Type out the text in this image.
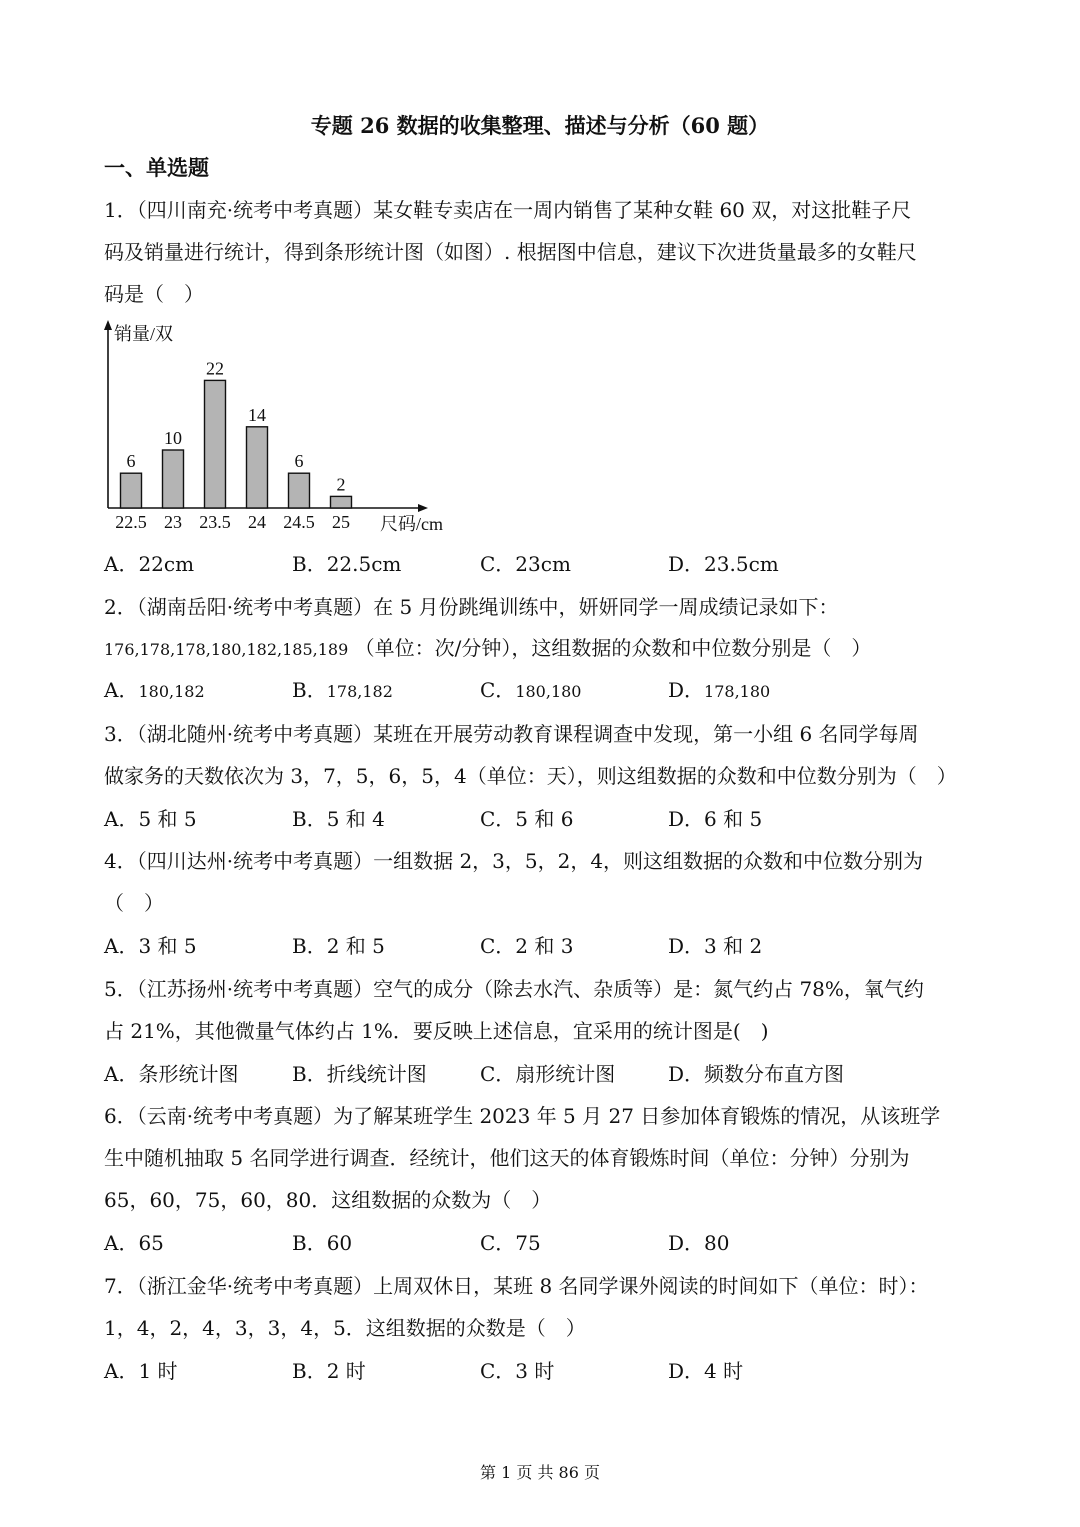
专题 26 数据的收集整理、描述与分析（60 题）
一、单选题
1．（四川南充·统考中考真题）某女鞋专卖店在一周内销售了某种女鞋 60 双，对这批鞋子尺
码及销量进行统计，得到条形统计图（如图）. 根据图中信息，建议下次进货量最多的女鞋尺
码是（　）
销量/双
尺码/cm
6
22.5
10
23
22
23.5
14
24
6
24.5
2
25
A．22cm	B．22.5cm	C．23cm	D．23.5cm
2．（湖南岳阳·统考中考真题）在 5 月份跳绳训练中，妍妍同学一周成绩记录如下：
176,178,178,180,182,185,189 （单位：次/分钟），这组数据的众数和中位数分别是（　）
A．180,182	B．178,182	C．180,180	D．178,180
3．（湖北随州·统考中考真题）某班在开展劳动教育课程调查中发现，第一小组 6 名同学每周
做家务的天数依次为 3，7，5，6，5，4（单位：天），则这组数据的众数和中位数分别为（　）
A．5 和 5	B．5 和 4	C．5 和 6	D．6 和 5
4．（四川达州·统考中考真题）一组数据 2，3，5，2，4，则这组数据的众数和中位数分别为
（　）
A．3 和 5	B．2 和 5	C．2 和 3	D．3 和 2
5．（江苏扬州·统考中考真题）空气的成分（除去水汽、杂质等）是：氮气约占 78%，氧气约
占 21%，其他微量气体约占 1%．要反映上述信息，宜采用的统计图是(　)
A．条形统计图	B．折线统计图	C．扇形统计图	D．频数分布直方图
6．（云南·统考中考真题）为了解某班学生 2023 年 5 月 27 日参加体育锻炼的情况，从该班学
生中随机抽取 5 名同学进行调查．经统计，他们这天的体育锻炼时间（单位：分钟）分别为
65，60，75，60，80．这组数据的众数为（　）
A．65	B．60	C．75	D．80
7．（浙江金华·统考中考真题）上周双休日，某班 8 名同学课外阅读的时间如下（单位：时）：
1，4，2，4，3，3，4，5．这组数据的众数是（　）
A．1 时	B．2 时	C．3 时	D．4 时
第 1 页 共 86 页
